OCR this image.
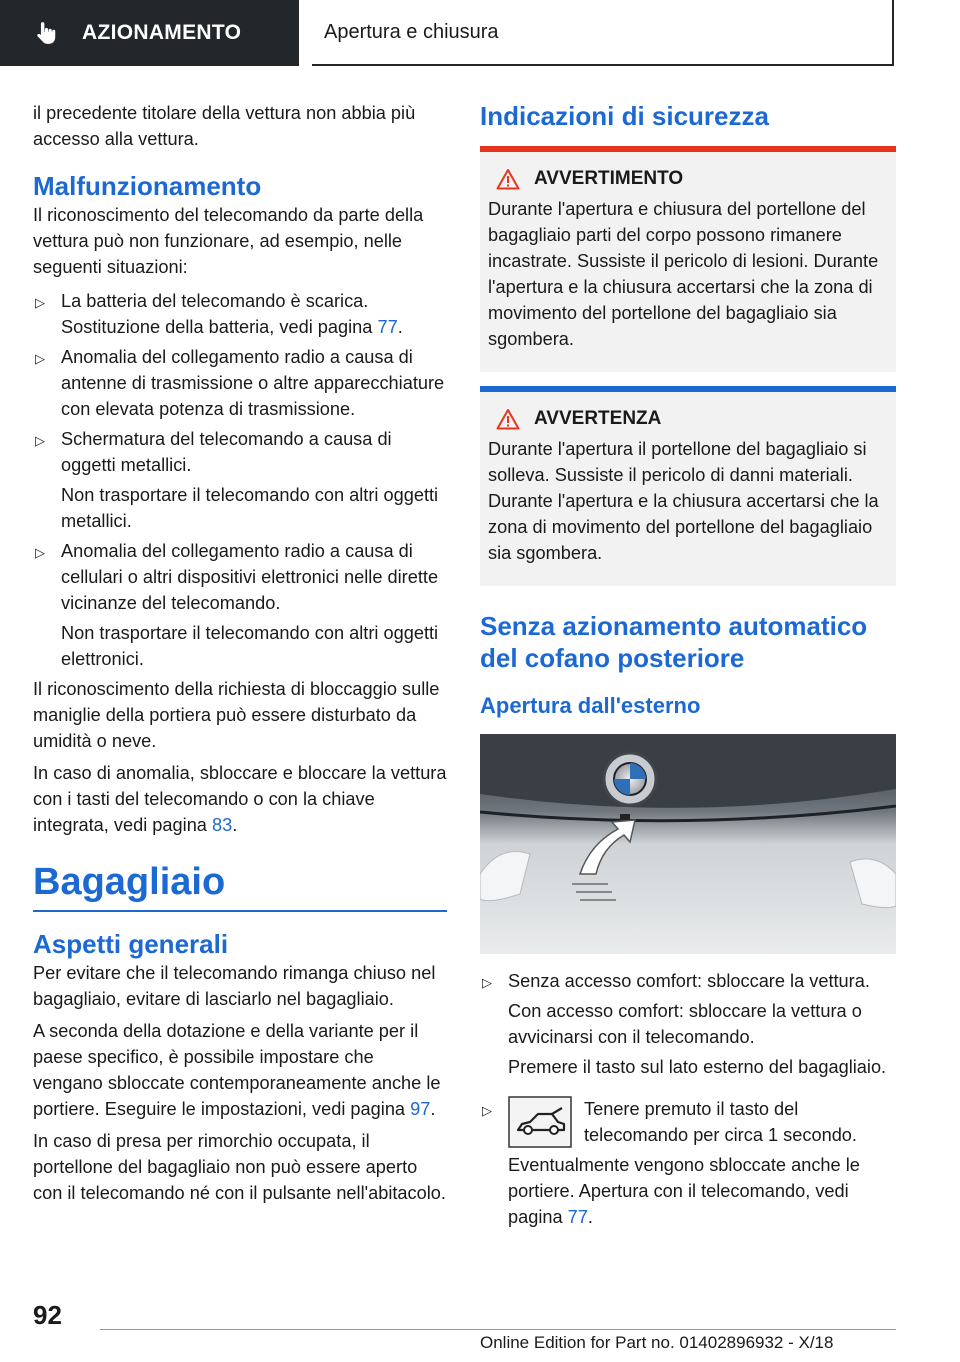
AZIONAMENTO	Apertura e chiusura

il precedente titolare della vettura non abbia più accesso alla vettura.

Malfunzionamento

Il riconoscimento del telecomando da parte della vettura può non funzionare, ad esempio, nelle seguenti situazioni:

▷ La batteria del telecomando è scarica. Sostituzione della batteria, vedi pagina 77.

▷ Anomalia del collegamento radio a causa di antenne di trasmissione o altre apparecchiature con elevata potenza di trasmissione.

▷ Schermatura del telecomando a causa di oggetti metallici.

Non trasportare il telecomando con altri oggetti metallici.

▷ Anomalia del collegamento radio a causa di cellulari o altri dispositivi elettronici nelle dirette vicinanze del telecomando.

Non trasportare il telecomando con altri oggetti elettronici.

Il riconoscimento della richiesta di bloccaggio sulle maniglie della portiera può essere disturbato da umidità o neve.

In caso di anomalia, sbloccare e bloccare la vettura con i tasti del telecomando o con la chiave integrata, vedi pagina 83.

Bagagliaio
Aspetti generali

Per evitare che il telecomando rimanga chiuso nel bagagliaio, evitare di lasciarlo nel bagagliaio.

A seconda della dotazione e della variante per il paese specifico, è possibile impostare che vengano sbloccate contemporaneamente anche le portiere. Eseguire le impostazioni, vedi pagina 97.

In caso di presa per rimorchio occupata, il portellone del bagagliaio non può essere aperto con il telecomando né con il pulsante nell'abitacolo.

Indicazioni di sicurezza
AVVERTIMENTO

Durante l'apertura e chiusura del portellone del bagagliaio parti del corpo possono rimanere incastrate. Sussiste il pericolo di lesioni. Durante l'apertura e la chiusura accertarsi che la zona di movimento del portellone del bagagliaio sia sgombera.

AVVERTENZA

Durante l'apertura il portellone del bagagliaio si solleva. Sussiste il pericolo di danni materiali. Durante l'apertura e la chiusura accertarsi che la zona di movimento del portellone del bagagliaio sia sgombera.

Senza azionamento automatico del cofano posteriore
Apertura dall'esterno
▷ Senza accesso comfort: sbloccare la vettura.

Con accesso comfort: sbloccare la vettura o avvicinarsi con il telecomando.

Premere il tasto sul lato esterno del bagagliaio.

▷	Tenere premuto il tasto del telecomando per circa 1 secondo.

Eventualmente vengono sbloccate anche le portiere. Apertura con il telecomando, vedi pagina 77.

92
Online Edition for Part no. 01402896932 - X/18
